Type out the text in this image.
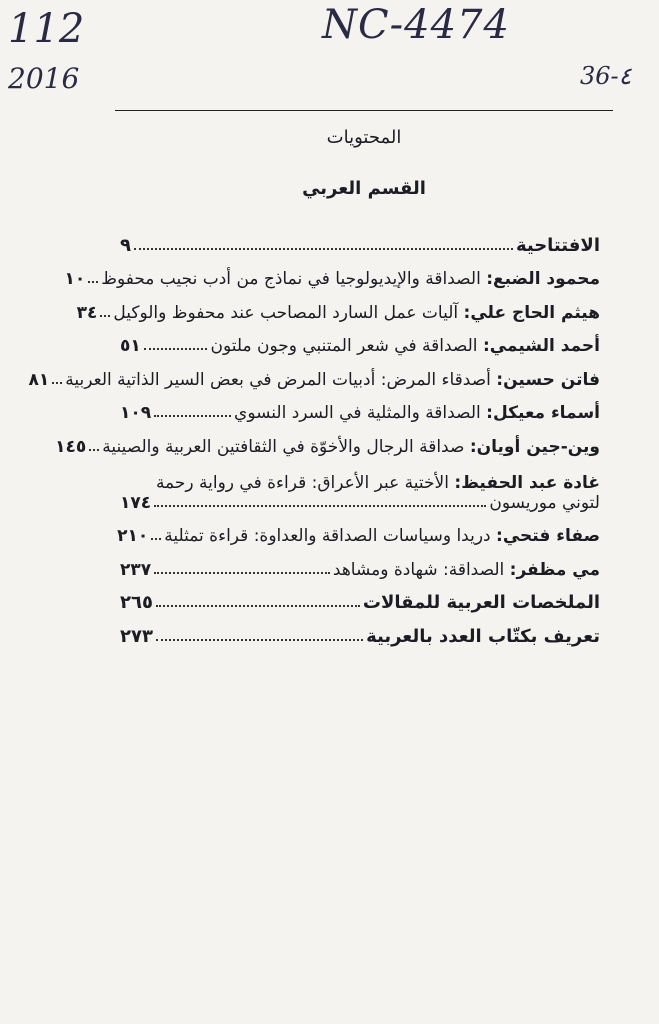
112	NC-4474
2016	36-٤
المحتويات
القسم العربي
الافتتاحية
٩
محمود الضبع: الصداقة والإيديولوجيا في نماذج من أدب نجيب محفوظ
١٠
هيثم الحاج علي: آليات عمل السارد المصاحب عند محفوظ والوكيل
٣٤
أحمد الشيمي: الصداقة في شعر المتنبي وجون ملتون
٥١
فاتن حسين: أصدقاء المرض: أدبيات المرض في بعض السير الذاتية العربية
٨١
أسماء معيكل: الصداقة والمثلية في السرد النسوي
١٠٩
وين-جين أويان: صداقة الرجال والأخوّة في الثقافتين العربية والصينية
١٤٥
غادة عبد الحفيظ: الأختية عبر الأعراق: قراءة في رواية رحمة
لتوني موريسون
١٧٤
صفاء فتحي: دريدا وسياسات الصداقة والعداوة: قراءة تمثلية
٢١٠
مي مظفر: الصداقة: شهادة ومشاهد
٢٣٧
الملخصات العربية للمقالات
٢٦٥
تعريف بكتّاب العدد بالعربية
٢٧٣
